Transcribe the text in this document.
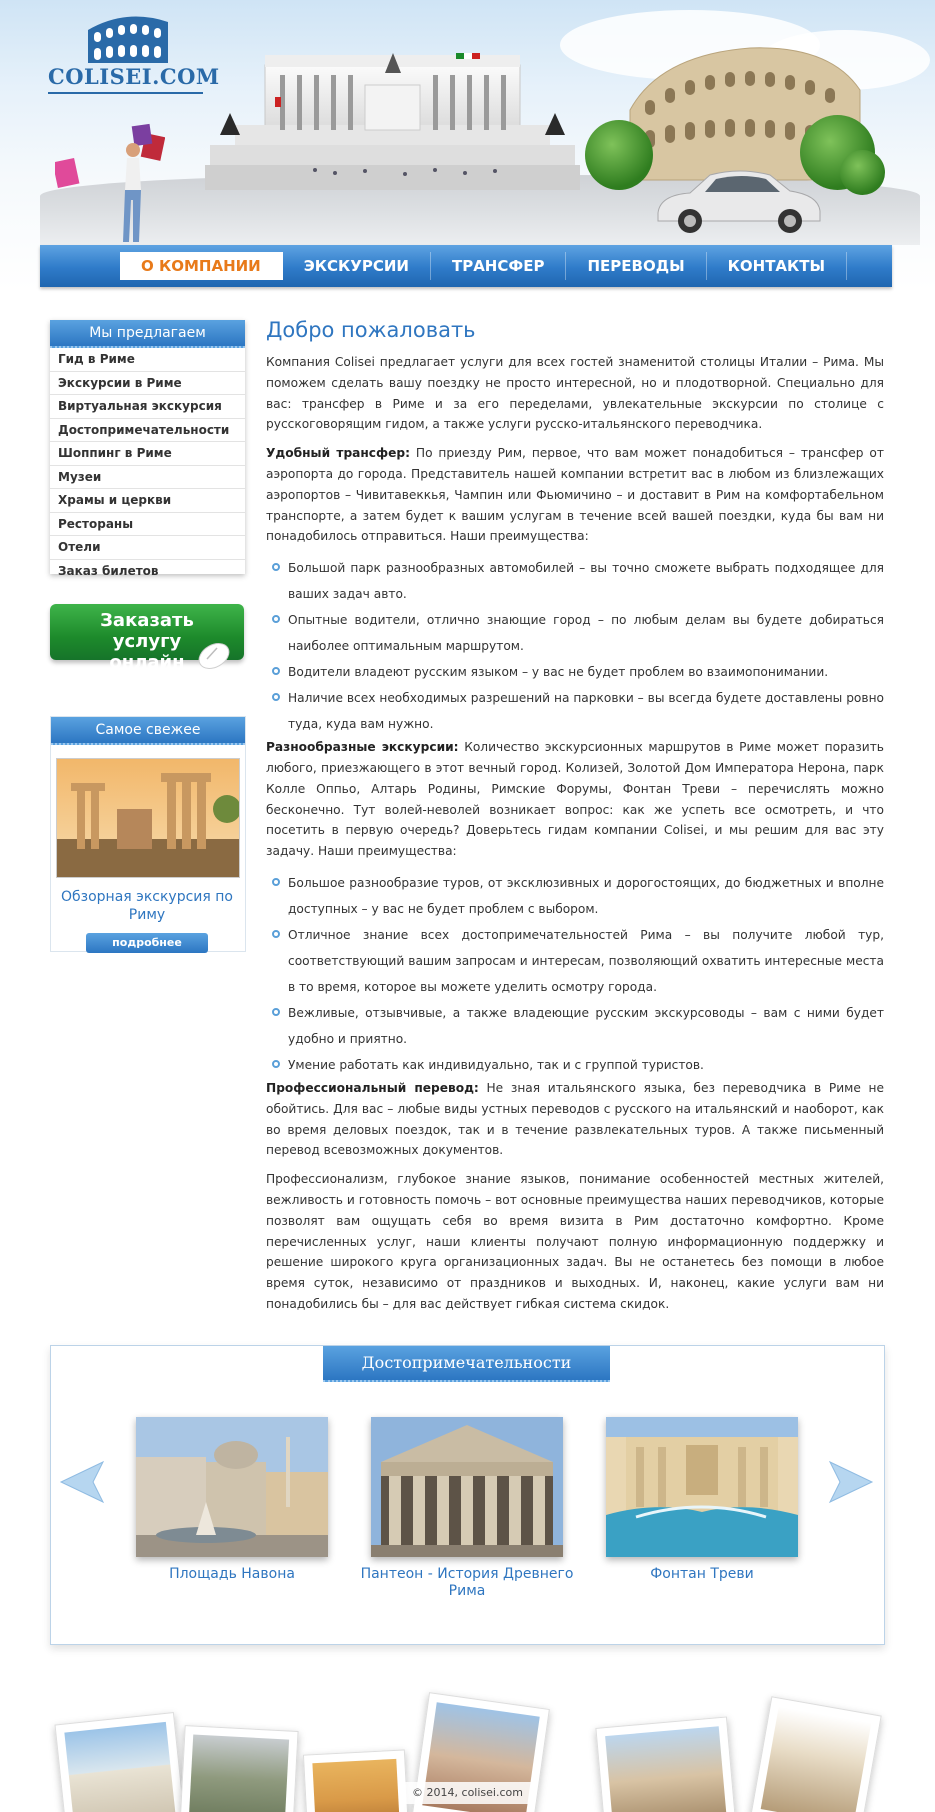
COLISEI.COM
О КОМПАНИИ	ЭКСКУРСИИ	ТРАНСФЕР	ПЕРЕВОДЫ	КОНТАКТЫ
Мы предлагаем
Гид в Риме
Экскурсии в Риме
Виртуальная экскурсия
Достопримечательности
Шоппинг в Риме
Музеи
Храмы и церкви
Рестораны
Отели
Заказ билетов
Заказать услугу онлайн
Самое свежее
Обзорная экскурсия по Риму
подробнее
Добро пожаловать

Компания Colisei предлагает услуги для всех гостей знаменитой столицы Италии – Рима. Мы поможем сделать вашу поездку не просто интересной, но и плодотворной. Специально для вас: трансфер в Риме и за его переделами, увлекательные экскурсии по столице с русскоговорящим гидом, а также услуги русско-итальянского переводчика.

Удобный трансфер: По приезду Рим, первое, что вам может понадобиться – трансфер от аэропорта до города. Представитель нашей компании встретит вас в любом из близлежащих аэропортов – Чивитавеккья, Чампин или Фьюмичино – и доставит в Рим на комфортабельном транспорте, а затем будет к вашим услугам в течение всей вашей поездки, куда бы вам ни понадобилось отправиться. Наши преимущества:

Большой парк разнообразных автомобилей – вы точно сможете выбрать подходящее для ваших задач авто.
Опытные водители, отлично знающие город – по любым делам вы будете добираться наиболее оптимальным маршрутом.
Водители владеют русским языком – у вас не будет проблем во взаимопонимании.
Наличие всех необходимых разрешений на парковки – вы всегда будете доставлены ровно туда, куда вам нужно.

Разнообразные экскурсии: Количество экскурсионных маршрутов в Риме может поразить любого, приезжающего в этот вечный город. Колизей, Золотой Дом Императора Нерона, парк Колле Оппьо, Алтарь Родины, Римские Форумы, Фонтан Треви – перечислять можно бесконечно. Тут волей-неволей возникает вопрос: как же успеть все осмотреть, и что посетить в первую очередь? Доверьтесь гидам компании Colisei, и мы решим для вас эту задачу. Наши преимущества:

Большое разнообразие туров, от эксклюзивных и дорогостоящих, до бюджетных и вполне доступных – у вас не будет проблем с выбором.
Отличное знание всех достопримечательностей Рима – вы получите любой тур, соответствующий вашим запросам и интересам, позволяющий охватить интересные места в то время, которое вы можете уделить осмотру города.
Вежливые, отзывчивые, а также владеющие русским экскурсоводы – вам с ними будет удобно и приятно.
Умение работать как индивидуально, так и с группой туристов.

Профессиональный перевод: Не зная итальянского языка, без переводчика в Риме не обойтись. Для вас – любые виды устных переводов с русского на итальянский и наоборот, как во время деловых поездок, так и в течение развлекательных туров. А также письменный перевод всевозможных документов.

Профессионализм, глубокое знание языков, понимание особенностей местных жителей, вежливость и готовность помочь – вот основные преимущества наших переводчиков, которые позволят вам ощущать себя во время визита в Рим достаточно комфортно. Кроме перечисленных услуг, наши клиенты получают полную информационную поддержку и решение широкого круга организационных задач. Вы не останетесь без помощи в любое время суток, независимо от праздников и выходных. И, наконец, какие услуги вам ни понадобились бы – для вас действует гибкая система скидок.

Достопримечательности
Площадь Навона	Пантеон - История Древнего Рима
Фонтан Треви
© 2014, colisei.com
